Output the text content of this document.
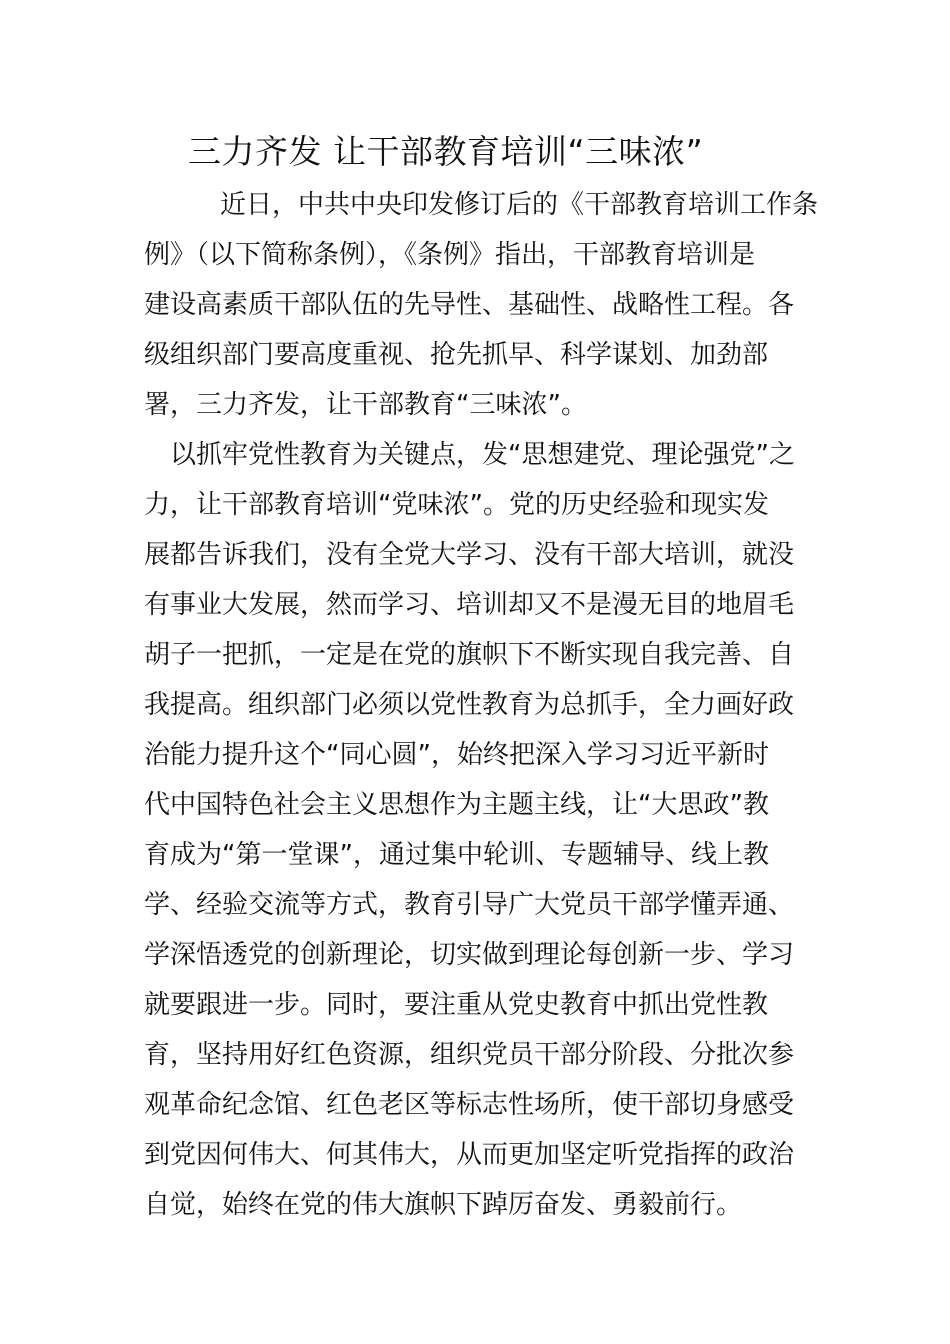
三力齐发 让干部教育培训“三味浓”
近日，中共中央印发修订后的《干部教育培训工作条
例》（以下简称条例），《条例》指出，干部教育培训是
建设高素质干部队伍的先导性、基础性、战略性工程。各
级组织部门要高度重视、抢先抓早、科学谋划、加劲部
署，三力齐发，让干部教育“三味浓”。
以抓牢党性教育为关键点，发“思想建党、理论强党”之
力，让干部教育培训“党味浓”。党的历史经验和现实发
展都告诉我们，没有全党大学习、没有干部大培训，就没
有事业大发展，然而学习、培训却又不是漫无目的地眉毛
胡子一把抓，一定是在党的旗帜下不断实现自我完善、自
我提高。组织部门必须以党性教育为总抓手，全力画好政
治能力提升这个“同心圆”，始终把深入学习习近平新时
代中国特色社会主义思想作为主题主线，让“大思政”教
育成为“第一堂课”，通过集中轮训、专题辅导、线上教
学、经验交流等方式，教育引导广大党员干部学懂弄通、
学深悟透党的创新理论，切实做到理论每创新一步、学习
就要跟进一步。同时，要注重从党史教育中抓出党性教
育，坚持用好红色资源，组织党员干部分阶段、分批次参
观革命纪念馆、红色老区等标志性场所，使干部切身感受
到党因何伟大、何其伟大，从而更加坚定听党指挥的政治
自觉，始终在党的伟大旗帜下踔厉奋发、勇毅前行。
